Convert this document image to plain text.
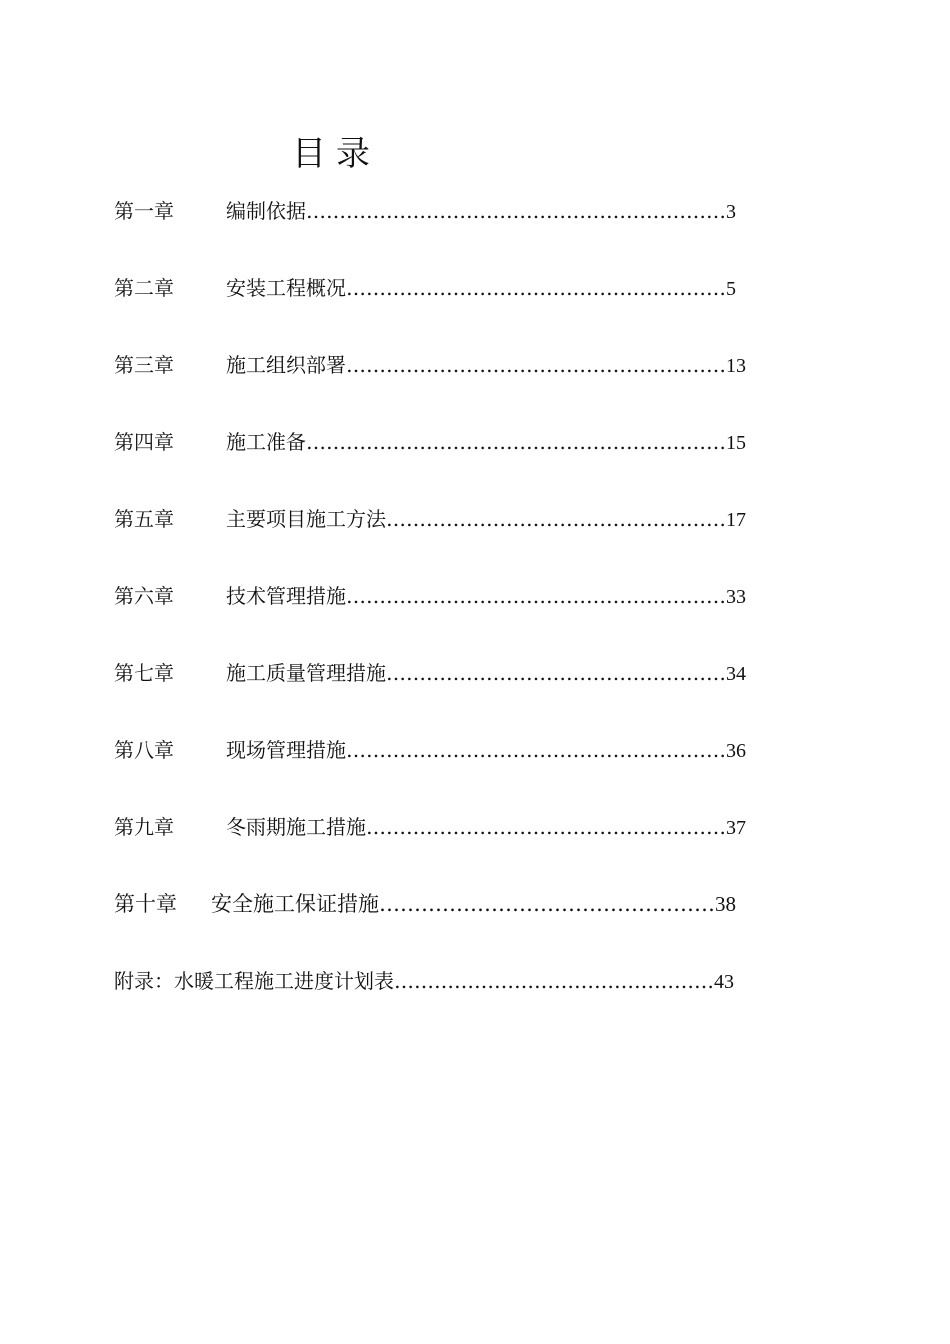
目录
第一章	编制依据………………………………………………………3
第二章	安装工程概况…………………………………………………5
第三章	施工组织部署…………………………………………………13
第四章	施工准备………………………………………………………15
第五章	主要项目施工方法……………………………………………17
第六章	技术管理措施…………………………………………………33
第七章	施工质量管理措施……………………………………………34
第八章	现场管理措施…………………………………………………36
第九章	冬雨期施工措施………………………………………………37
第十章 安全施工保证措施…………………………………………38
附录：水暖工程施工进度计划表…………………………………………43
